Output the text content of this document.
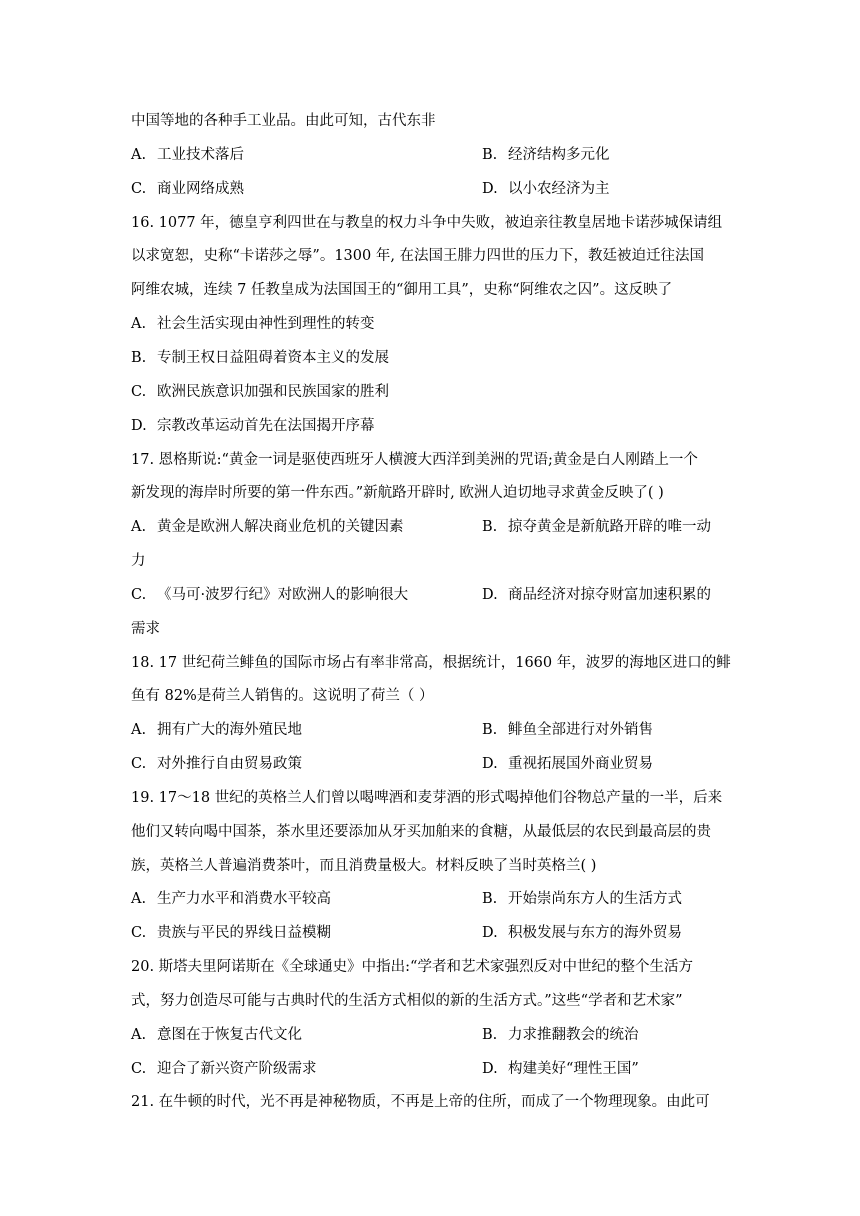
中国等地的各种手工业品。由此可知，古代东非
A. 工业技术落后	B. 经济结构多元化
C. 商业网络成熟	D. 以小农经济为主
16. 1077 年，德皇亨利四世在与教皇的权力斗争中失败，被迫亲往教皇居地卡诺莎城保请组
以求宽恕，史称“卡诺莎之辱”。1300 年, 在法国王腓力四世的压力下，教廷被迫迁往法国
阿维农城，连续 7 任教皇成为法国国王的“御用工具”，史称“阿维农之囚”。这反映了
A. 社会生活实现由神性到理性的转变
B. 专制王权日益阻碍着资本主义的发展
C. 欧洲民族意识加强和民族国家的胜利
D. 宗教改革运动首先在法国揭开序幕
17. 恩格斯说:“黄金一词是驱使西班牙人横渡大西洋到美洲的咒语;黄金是白人刚踏上一个
新发现的海岸时所要的第一件东西。”新航路开辟时, 欧洲人迫切地寻求黄金反映了( )
A. 黄金是欧洲人解决商业危机的关键因素	B. 掠夺黄金是新航路开辟的唯一动
力
C. 《马可·波罗行纪》对欧洲人的影响很大	D. 商品经济对掠夺财富加速积累的
需求
18. 17 世纪荷兰鲱鱼的国际市场占有率非常高，根据统计，1660 年，波罗的海地区进口的鲱
鱼有 82%是荷兰人销售的。这说明了荷兰（ ）
A. 拥有广大的海外殖民地	B. 鲱鱼全部进行对外销售
C. 对外推行自由贸易政策	D. 重视拓展国外商业贸易
19. 17～18 世纪的英格兰人们曾以喝啤酒和麦芽酒的形式喝掉他们谷物总产量的一半，后来
他们又转向喝中国茶，茶水里还要添加从牙买加舶来的食糖，从最低层的农民到最高层的贵
族，英格兰人普遍消费茶叶，而且消费量极大。材料反映了当时英格兰( )
A. 生产力水平和消费水平较高	B. 开始崇尚东方人的生活方式
C. 贵族与平民的界线日益模糊	D. 积极发展与东方的海外贸易
20. 斯塔夫里阿诺斯在《全球通史》中指出:“学者和艺术家强烈反对中世纪的整个生活方
式，努力创造尽可能与古典时代的生活方式相似的新的生活方式。”这些“学者和艺术家”
A. 意图在于恢复古代文化	B. 力求推翻教会的统治
C. 迎合了新兴资产阶级需求	D. 构建美好“理性王国”
21. 在牛顿的时代，光不再是神秘物质，不再是上帝的住所，而成了一个物理现象。由此可
